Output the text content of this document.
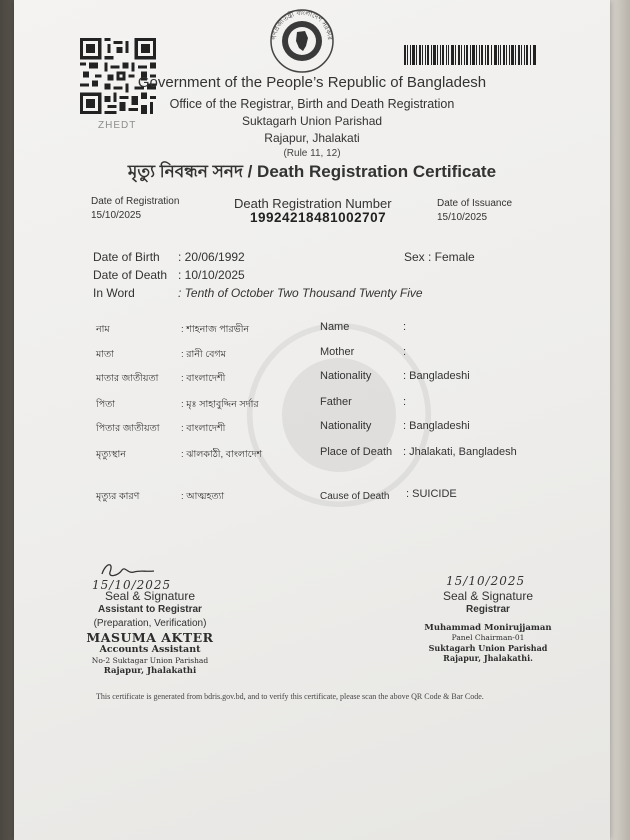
ZHEDT
গণপ্রজাতন্ত্রী বাংলাদেশ সরকার
Government of the People’s Republic of Bangladesh
Office of the Registrar, Birth and Death Registration
Suktagarh Union Parishad
Rajapur, Jhalakati
(Rule 11, 12)
মৃত্যু নিবন্ধন সনদ / Death Registration Certificate
Date of Registration
15/10/2025
Death Registration Number
19924218481002707
Date of Issuance
15/10/2025
Date of Birth : 20/06/1992	Sex : Female
Date of Death : 10/10/2025
In Word	: Tenth of October Two Thousand Twenty Five
নাম	: শাহনাজ পারভীন	Name	:
মাতা	: রানী বেগম	Mother	:
মাতার জাতীয়তা : বাংলাদেশী	Nationality	: Bangladeshi
পিতা	: মৃঃ সাহাবুদ্দিন সর্দার	Father	:
পিতার জাতীয়তা : বাংলাদেশী	Nationality	: Bangladeshi
মৃত্যুস্থান	: ঝালকাঠী, বাংলাদেশ	Place of Death : Jhalakati, Bangladesh
মৃত্যুর কারণ	: আত্মহত্যা	Cause of Death : SUICIDE
15/10/2025
Seal & Signature
Assistant to Registrar
(Preparation, Verification)
MASUMA AKTER
Accounts Assistant
No-2 Suktagar Union Parishad
Rajapur, Jhalakathi
15/10/2025
Seal & Signature
Registrar
Muhammad Monirujjaman
Panel Chairman-01
Suktagarh Union Parishad
Rajapur, Jhalakathi.
This certificate is generated from bdris.gov.bd, and to verify this certificate, please scan the above QR Code & Bar Code.
